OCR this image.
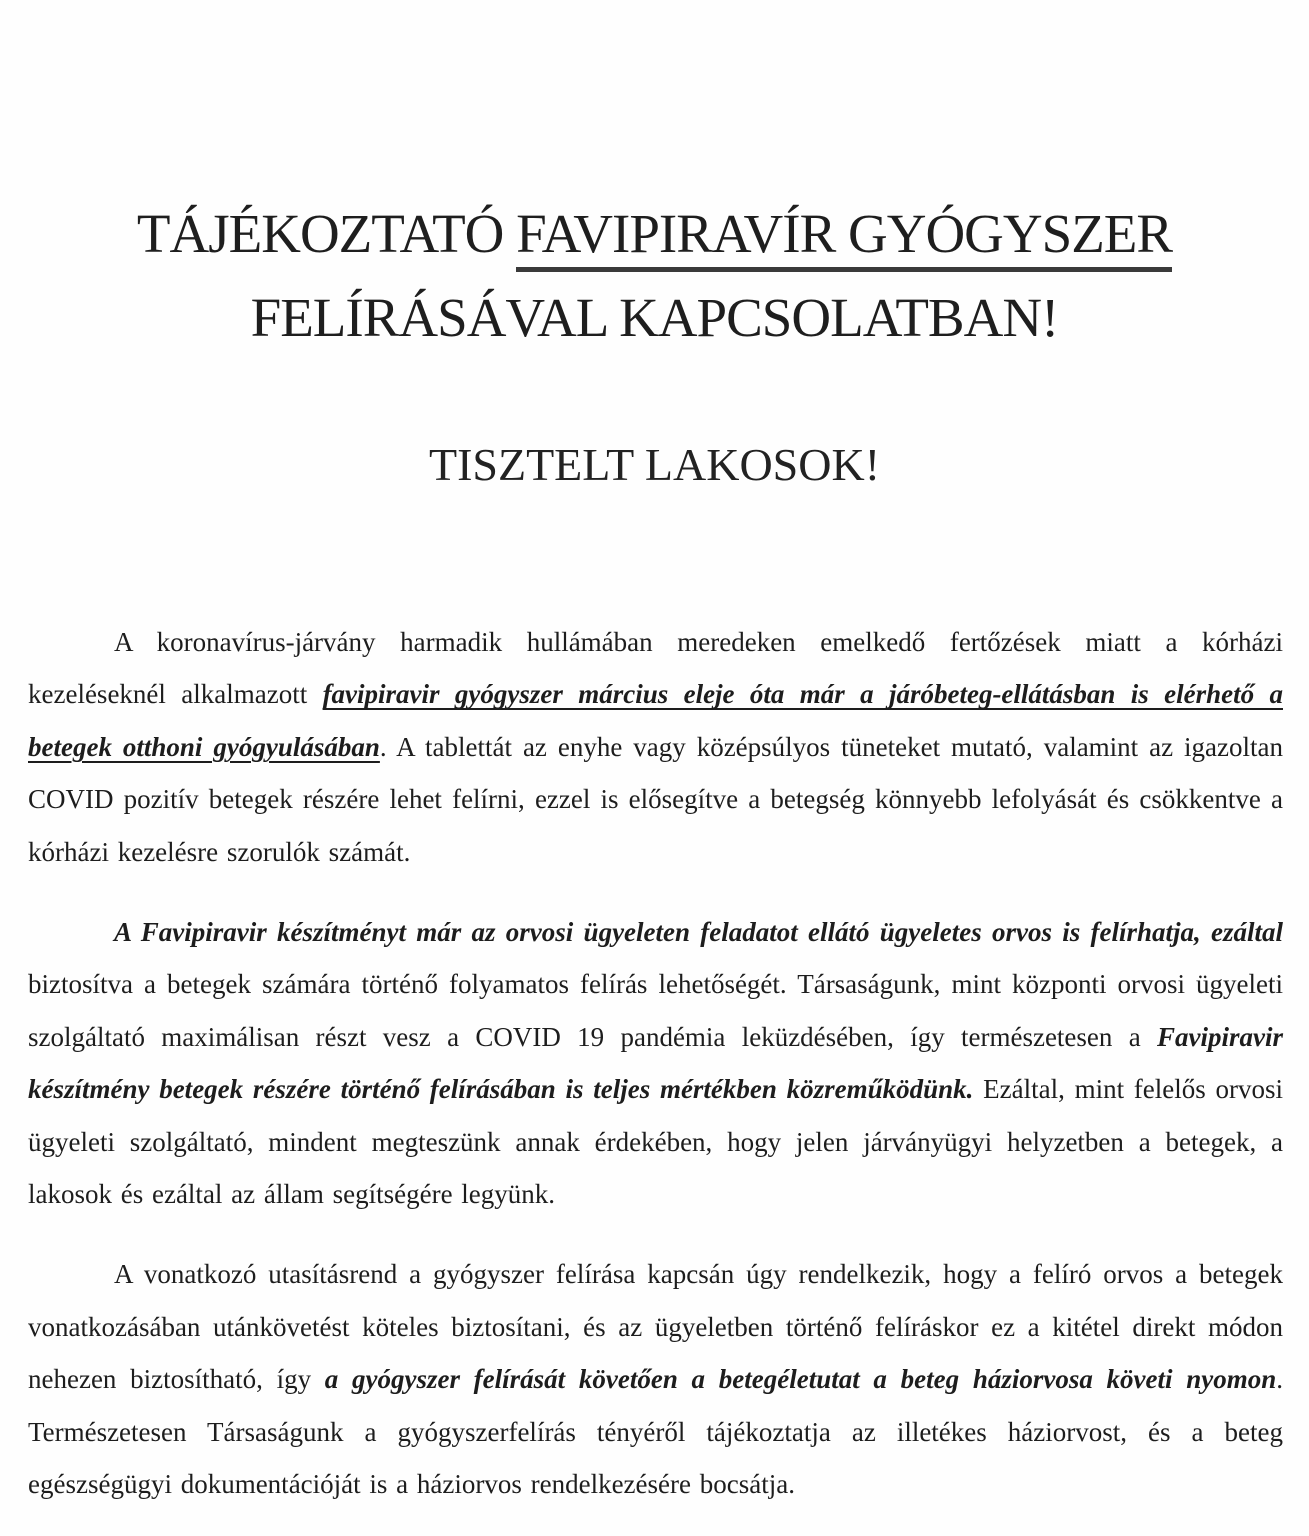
TÁJÉKOZTATÓ FAVIPIRAVÍR GYÓGYSZER
FELÍRÁSÁVAL KAPCSOLATBAN!
TISZTELT LAKOSOK!

A koronavírus-járvány harmadik hullámában meredeken emelkedő fertőzések miatt a kórházi kezeléseknél alkalmazott favipiravir gyógyszer március eleje óta már a járóbeteg-ellátásban is elérhető a betegek otthoni gyógyulásában. A tablettát az enyhe vagy középsúlyos tüneteket mutató, valamint az igazoltan COVID pozitív betegek részére lehet felírni, ezzel is elősegítve a betegség könnyebb lefolyását és csökkentve a kórházi kezelésre szorulók számát.

A Favipiravir készítményt már az orvosi ügyeleten feladatot ellátó ügyeletes orvos is felírhatja, ezáltal biztosítva a betegek számára történő folyamatos felírás lehetőségét. Társaságunk, mint központi orvosi ügyeleti szolgáltató maximálisan részt vesz a COVID 19 pandémia leküzdésében, így természetesen a Favipiravir készítmény betegek részére történő felírásában is teljes mértékben közreműködünk. Ezáltal, mint felelős orvosi ügyeleti szolgáltató, mindent megteszünk annak érdekében, hogy jelen járványügyi helyzetben a betegek, a lakosok és ezáltal az állam segítségére legyünk.

A vonatkozó utasításrend a gyógyszer felírása kapcsán úgy rendelkezik, hogy a felíró orvos a betegek vonatkozásában utánkövetést köteles biztosítani, és az ügyeletben történő felíráskor ez a kitétel direkt módon nehezen biztosítható, így a gyógyszer felírását követően a betegéletutat a beteg háziorvosa követi nyomon. Természetesen Társaságunk a gyógyszerfelírás tényéről tájékoztatja az illetékes háziorvost, és a beteg egészségügyi dokumentációját is a háziorvos rendelkezésére bocsátja.
